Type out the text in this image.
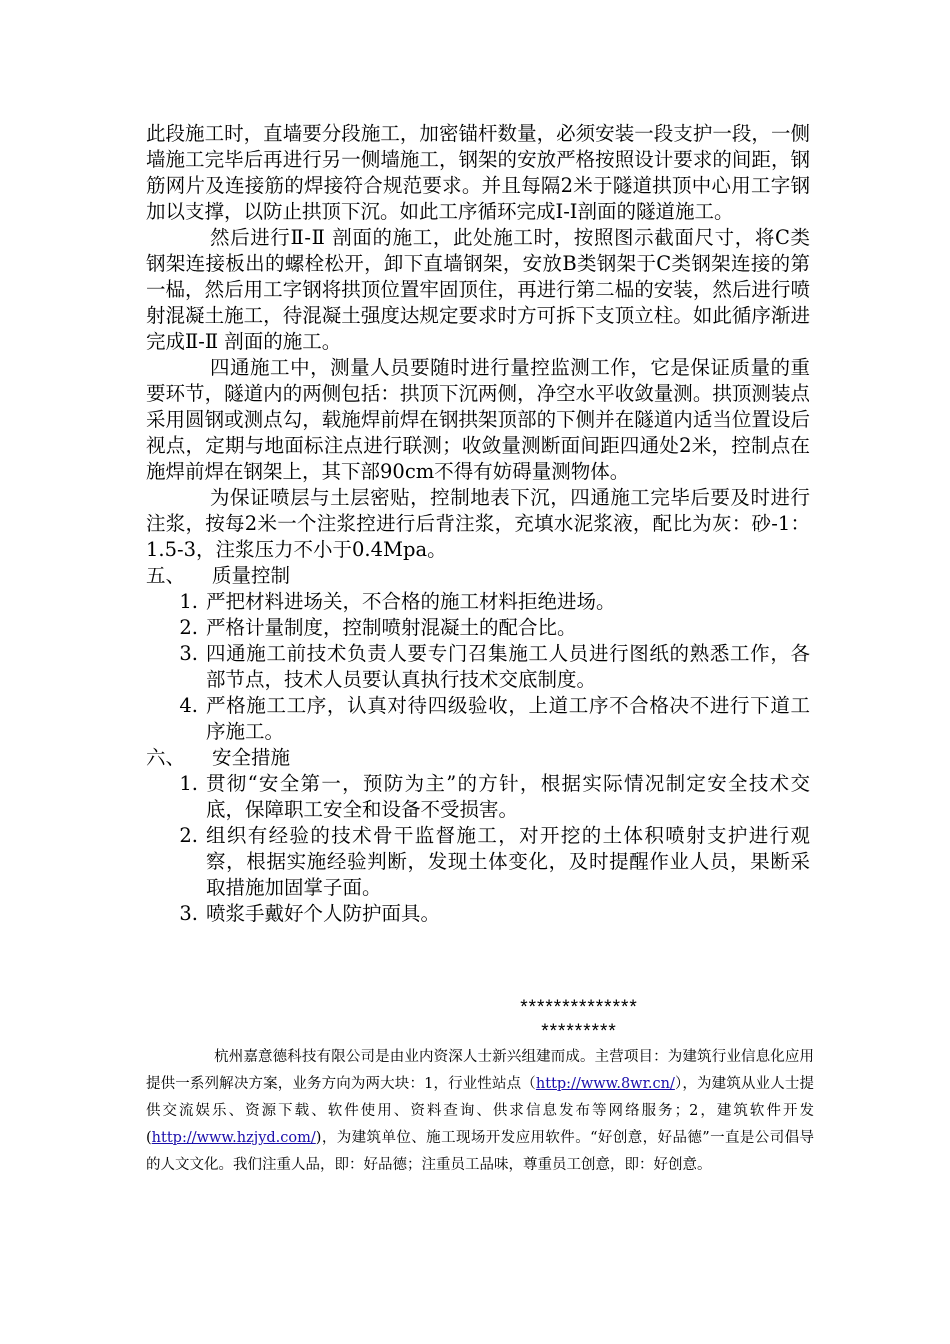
此段施工时，直墙要分段施工，加密锚杆数量，必须安装一段支护一段，一侧墙施工完毕后再进行另一侧墙施工，钢架的安放严格按照设计要求的间距，钢筋网片及连接筋的焊接符合规范要求。并且每隔2米于隧道拱顶中心用工字钢加以支撑，以防止拱顶下沉。如此工序循环完成I-I剖面的隧道施工。

然后进行Ⅱ-Ⅱ 剖面的施工，此处施工时，按照图示截面尺寸，将C类钢架连接板出的螺栓松开，卸下直墙钢架，安放B类钢架于C类钢架连接的第一榀，然后用工字钢将拱顶位置牢固顶住，再进行第二榀的安装，然后进行喷射混凝土施工，待混凝土强度达规定要求时方可拆下支顶立柱。如此循序渐进完成Ⅱ-Ⅱ 剖面的施工。

四通施工中，测量人员要随时进行量控监测工作，它是保证质量的重要环节，隧道内的两侧包括：拱顶下沉两侧，净空水平收敛量测。拱顶测装点采用圆钢或测点勾，载施焊前焊在钢拱架顶部的下侧并在隧道内适当位置设后视点，定期与地面标注点进行联测；收敛量测断面间距四通处2米，控制点在施焊前焊在钢架上，其下部90cm不得有妨碍量测物体。

为保证喷层与土层密贴，控制地表下沉，四通施工完毕后要及时进行注浆，按每2米一个注浆控进行后背注浆，充填水泥浆液，配比为灰：砂-1：1.5-3，注浆压力不小于0.4Mpa。

五、	质量控制
1. 严把材料进场关，不合格的施工材料拒绝进场。
2. 严格计量制度，控制喷射混凝土的配合比。
3. 四通施工前技术负责人要专门召集施工人员进行图纸的熟悉工作，各部节点，技术人员要认真执行技术交底制度。
4. 严格施工工序，认真对待四级验收，上道工序不合格决不进行下道工序施工。
六、	安全措施
1. 贯彻“安全第一，预防为主”的方针，根据实际情况制定安全技术交底，保障职工安全和设备不受损害。
2. 组织有经验的技术骨干监督施工，对开挖的土体积喷射支护进行观察，根据实施经验判断，发现土体变化，及时提醒作业人员，果断采取措施加固掌子面。
3. 喷浆手戴好个人防护面具。
**************
*********
杭州嘉意德科技有限公司是由业内资深人士新兴组建而成。主营项目：为建筑行业信息化应用提供一系列解决方案，业务方向为两大块：1，行业性站点（http://www.8wr.cn/），为建筑从业人士提供交流娱乐、资源下载、软件使用、资料查询、供求信息发布等网络服务；2，建筑软件开发(http://www.hzjyd.com/)，为建筑单位、施工现场开发应用软件。“好创意，好品德”一直是公司倡导的人文文化。我们注重人品，即：好品德；注重员工品味，尊重员工创意，即：好创意。
